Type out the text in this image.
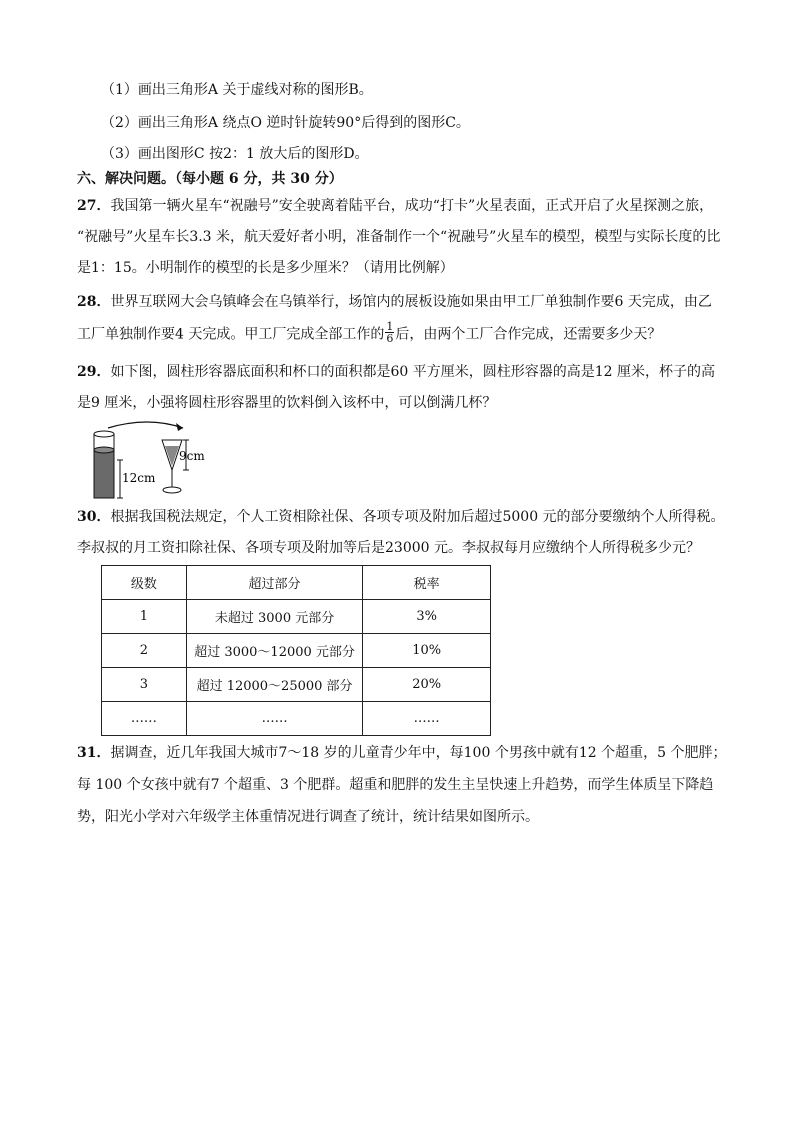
（1）画出三角形A 关于虚线对称的图形B。
（2）画出三角形A 绕点O 逆时针旋转90°后得到的图形C。
（3）画出图形C 按2：1 放大后的图形D。
六、解决问题。（每小题 6 分，共 30 分）
27．我国第一辆火星车“祝融号”安全驶离着陆平台，成功“打卡”火星表面，正式开启了火星探测之旅，
“祝融号”火星车长3.3 米，航天爱好者小明，准备制作一个“祝融号”火星车的模型，模型与实际长度的比
是1：15。小明制作的模型的长是多少厘米？（请用比例解）
28．世界互联网大会乌镇峰会在乌镇举行，场馆内的展板设施如果由甲工厂单独制作要6 天完成，由乙
工厂单独制作要4 天完成。甲工厂完成全部工作的 $\frac{1}{6}$ 后，由两个工厂合作完成，还需要多少天？
29．如下图，圆柱形容器底面积和杯口的面积都是60 平方厘米，圆柱形容器的高是12 厘米，杯子的高
是9 厘米，小强将圆柱形容器里的饮料倒入该杯中，可以倒满几杯？
12cm
9cm
30．根据我国税法规定，个人工资相除社保、各项专项及附加后超过5000 元的部分要缴纳个人所得税。
李叔叔的月工资扣除社保、各项专项及附加等后是23000 元。李叔叔每月应缴纳个人所得税多少元？
级数	超过部分	税率
1	未超过 3000 元部分	3%
2	超过 3000～12000 元部分	10%
3	超过 12000～25000 部分	20%
……	……	……
31．据调查，近几年我国大城市7～18 岁的儿童青少年中，每100 个男孩中就有12 个超重，5 个肥胖；
每 100 个女孩中就有7 个超重、3 个肥群。超重和肥胖的发生主呈快速上升趋势，而学生体质呈下降趋
势，阳光小学对六年级学主体重情况进行调查了统计，统计结果如图所示。
